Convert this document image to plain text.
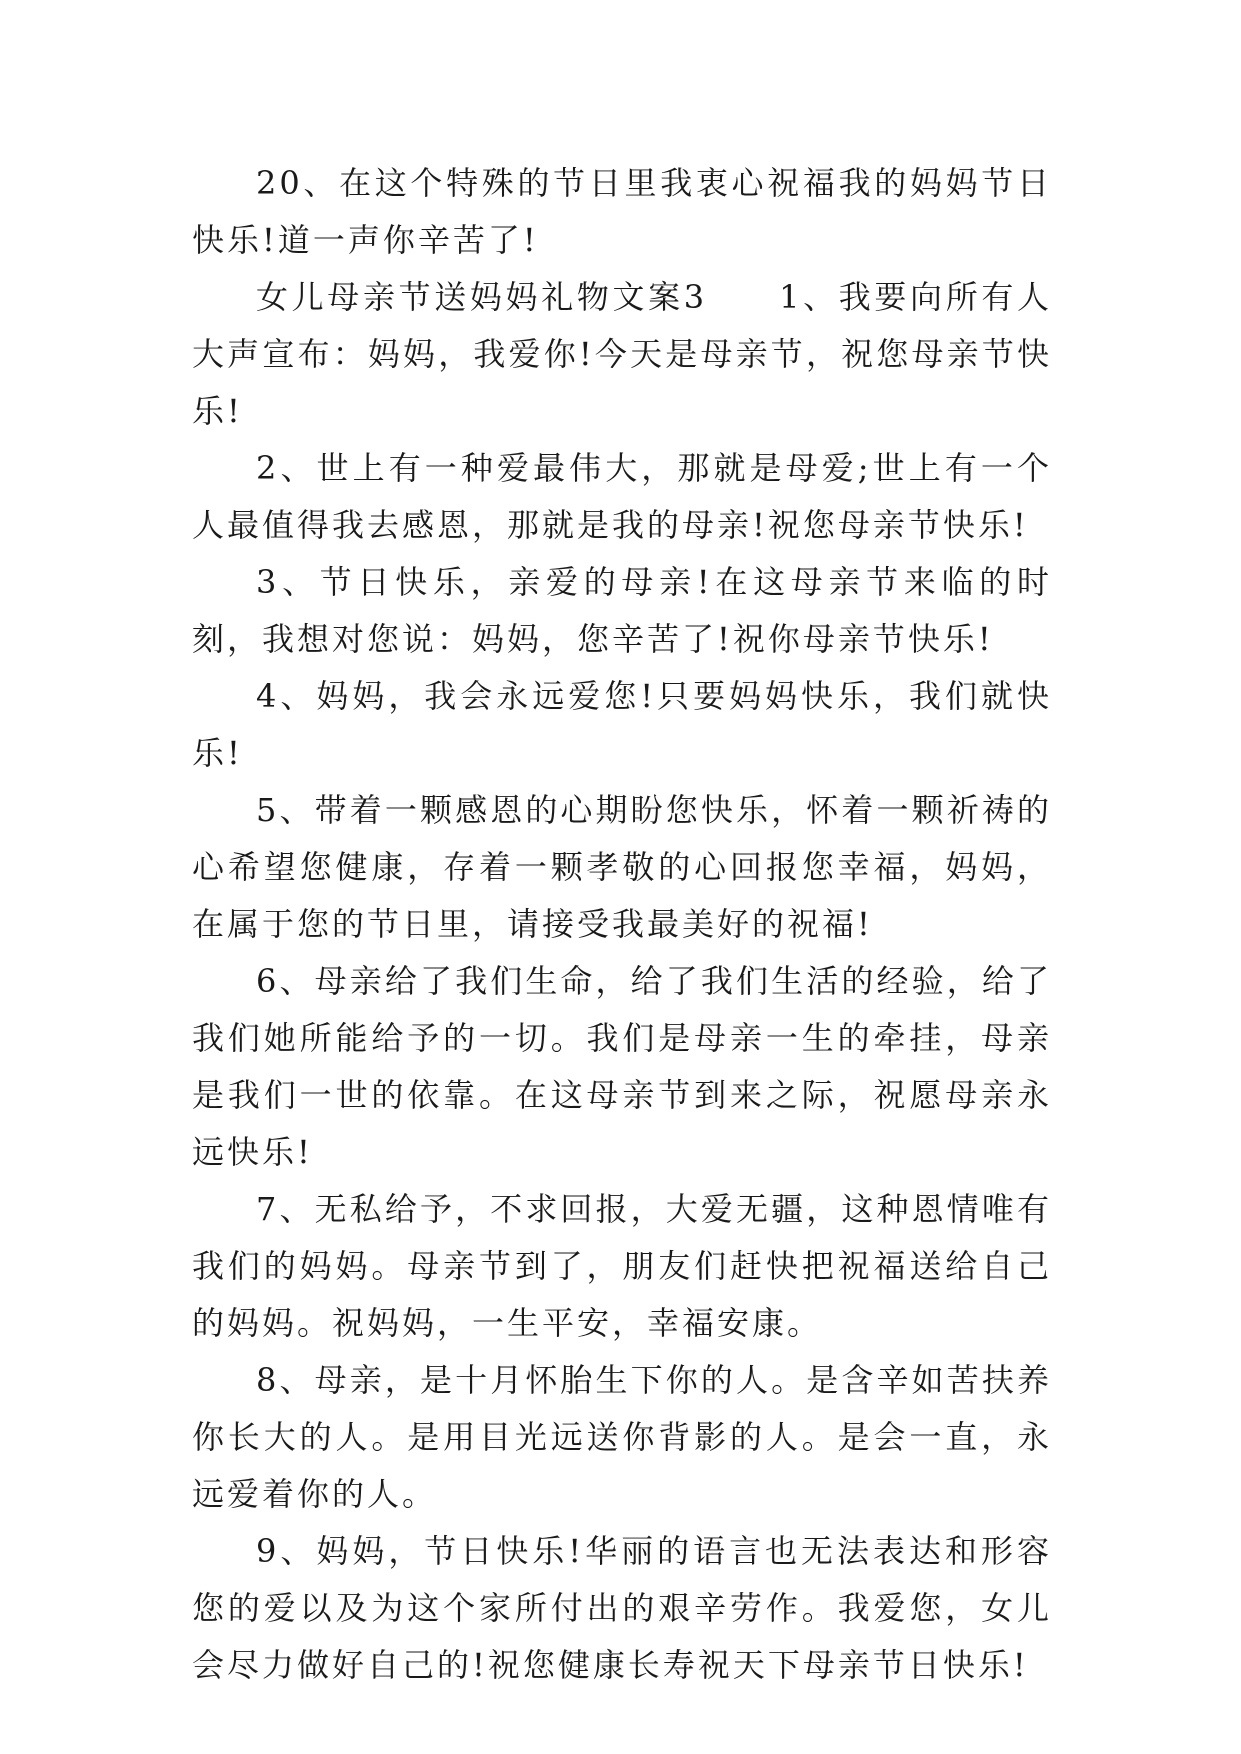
20、在这个特殊的节日里我衷心祝福我的妈妈节日快乐!道一声你辛苦了!

女儿母亲节送妈妈礼物文案3　　1、我要向所有人大声宣布：妈妈，我爱你!今天是母亲节，祝您母亲节快乐!

2、世上有一种爱最伟大，那就是母爱;世上有一个人最值得我去感恩，那就是我的母亲!祝您母亲节快乐!

3、节日快乐，亲爱的母亲!在这母亲节来临的时刻，我想对您说：妈妈，您辛苦了!祝你母亲节快乐!

4、妈妈，我会永远爱您!只要妈妈快乐，我们就快乐!

5、带着一颗感恩的心期盼您快乐，怀着一颗祈祷的心希望您健康，存着一颗孝敬的心回报您幸福，妈妈，在属于您的节日里，请接受我最美好的祝福!

6、母亲给了我们生命，给了我们生活的经验，给了我们她所能给予的一切。我们是母亲一生的牵挂，母亲是我们一世的依靠。在这母亲节到来之际，祝愿母亲永远快乐!

7、无私给予，不求回报，大爱无疆，这种恩情唯有我们的妈妈。母亲节到了，朋友们赶快把祝福送给自己的妈妈。祝妈妈，一生平安，幸福安康。

8、母亲，是十月怀胎生下你的人。是含辛如苦扶养你长大的人。是用目光远送你背影的人。是会一直，永远爱着你的人。

9、妈妈，节日快乐!华丽的语言也无法表达和形容您的爱以及为这个家所付出的艰辛劳作。我爱您，女儿会尽力做好自己的!祝您健康长寿祝天下母亲节日快乐!
